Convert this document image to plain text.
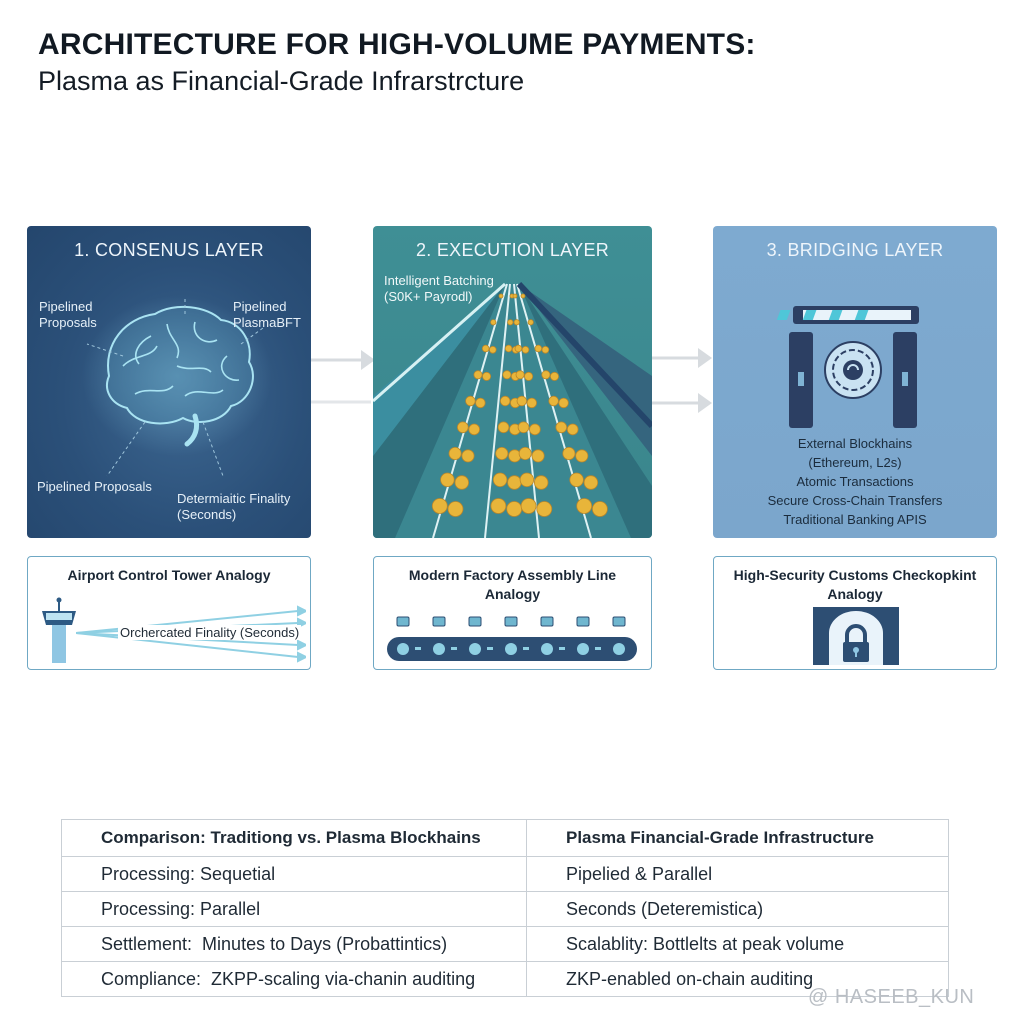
ARCHITECTURE FOR HIGH-VOLUME PAYMENTS:
Plasma as Financial-Grade Infrarstrcture
1. CONSENUS LAYER
Pipelined
Proposals
Pipelined
PlasmaBFT
Pipelined Proposals
Determiaitic Finality
(Seconds)
2. EXECUTION LAYER
Intelligent Batching
(S0K+ Payrodl)
3. BRIDGING LAYER
External Blockhains
(Ethereum, L2s)
Atomic Transactions
Secure Cross-Chain Transfers
Traditional Banking APIS
Airport Control Tower Analogy
Orchercated Finality (Seconds)
Modern Factory Assembly Line
Analogy
High-Security Customs Checkopkint
Analogy
Comparison: Traditiong vs. Plasma Blockhains	Plasma Financial-Grade Infrastructure
Processing: Sequetial	Pipelied & Parallel
Processing: Parallel	Seconds (Deteremistica)
Settlement:  Minutes to Days (Probattintics)	Scalablity: Bottlelts at peak volume
Compliance:  ZKPP-scaling via-chanin auditing	ZKP-enabled on-chain auditing
@ HASEEB_KUN
